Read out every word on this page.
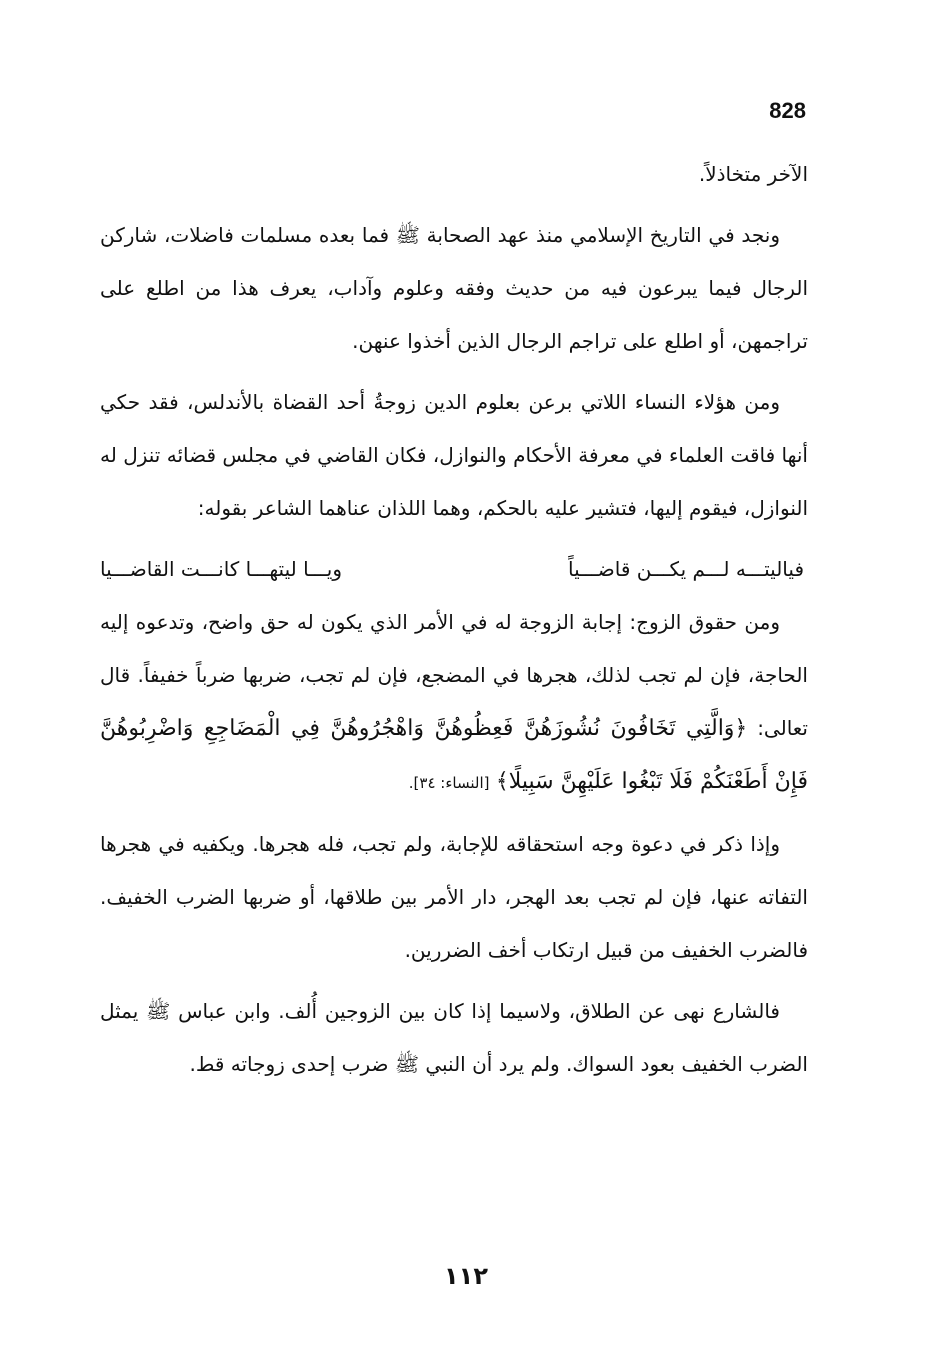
828

الآخر متخاذلاً.

ونجد في التاريخ الإسلامي منذ عهد الصحابة ﷺ فما بعده مسلمات فاضلات، شاركن الرجال فيما يبرعون فيه من حديث وفقه وعلوم وآداب، يعرف هذا من اطلع على تراجمهن، أو اطلع على تراجم الرجال الذين أخذوا عنهن.

ومن هؤلاء النساء اللاتي برعن بعلوم الدين زوجةُ أحد القضاة بالأندلس، فقد حكي أنها فاقت العلماء في معرفة الأحكام والنوازل، فكان القاضي في مجلس قضائه تنزل له النوازل، فيقوم إليها، فتشير عليه بالحكم، وهما اللذان عناهما الشاعر بقوله:

فياليتـــه لـــم يكـــن قاضـــياً
ويـــا ليتهـــا كانـــت القاضـــيا

ومن حقوق الزوج: إجابة الزوجة له في الأمر الذي يكون له حق واضح، وتدعوه إليه الحاجة، فإن لم تجب لذلك، هجرها في المضجع، فإن لم تجب، ضربها ضرباً خفيفاً. قال تعالى: ﴿وَالَّتِي تَخَافُونَ نُشُوزَهُنَّ فَعِظُوهُنَّ وَاهْجُرُوهُنَّ فِي الْمَضَاجِعِ وَاضْرِبُوهُنَّ فَإِنْ أَطَعْنَكُمْ فَلَا تَبْغُوا عَلَيْهِنَّ سَبِيلًا﴾ [النساء: ٣٤].

وإذا ذكر في دعوة وجه استحقاقه للإجابة، ولم تجب، فله هجرها. ويكفيه في هجرها التفاته عنها، فإن لم تجب بعد الهجر، دار الأمر بين طلاقها، أو ضربها الضرب الخفيف. فالضرب الخفيف من قبيل ارتكاب أخف الضررين.

فالشارع نهى عن الطلاق، ولاسيما إذا كان بين الزوجين أُلف. وابن عباس ﷺ يمثل الضرب الخفيف بعود السواك. ولم يرد أن النبي ﷺ ضرب إحدى زوجاته قط.

١١٢
